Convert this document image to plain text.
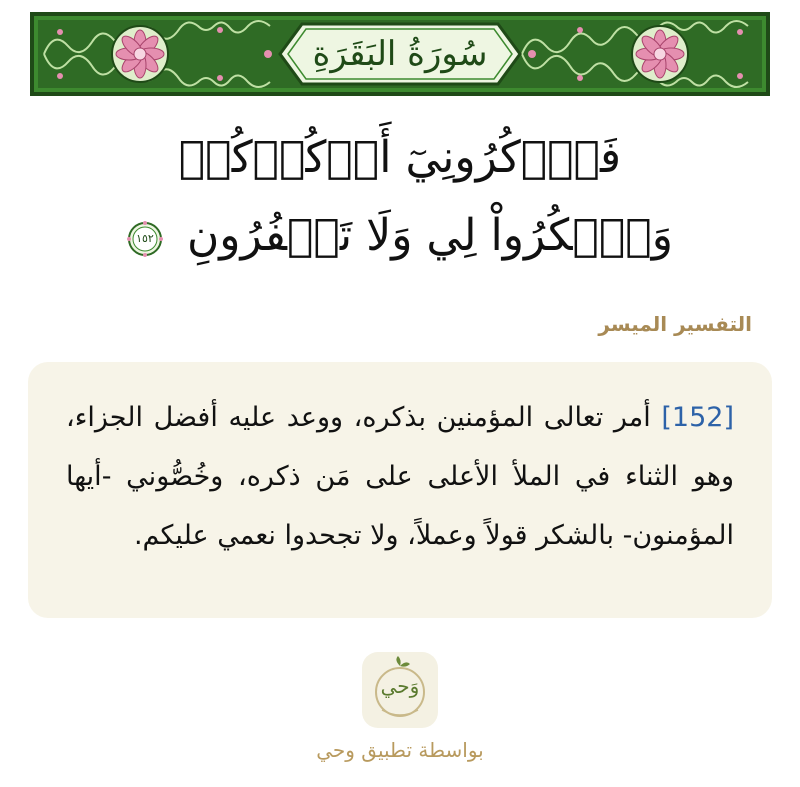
سُورَةُ البَقَرَةِ
فَٱذۡكُرُونِيٓ أَذۡكُرۡكُمۡ
وَٱشۡكُرُواْ لِي وَلَا تَكۡفُرُونِ
١٥٢
التفسير الميسر

[152] أمر تعالى المؤمنين بذكره، ووعد عليه أفضل الجزاء، وهو الثناء في الملأ الأعلى على مَن ذكره، وخُصُّوني -أيها المؤمنون- بالشكر قولاً وعملاً، ولا تجحدوا نعمي عليكم.

وَحي
بواسطة تطبيق وحي
